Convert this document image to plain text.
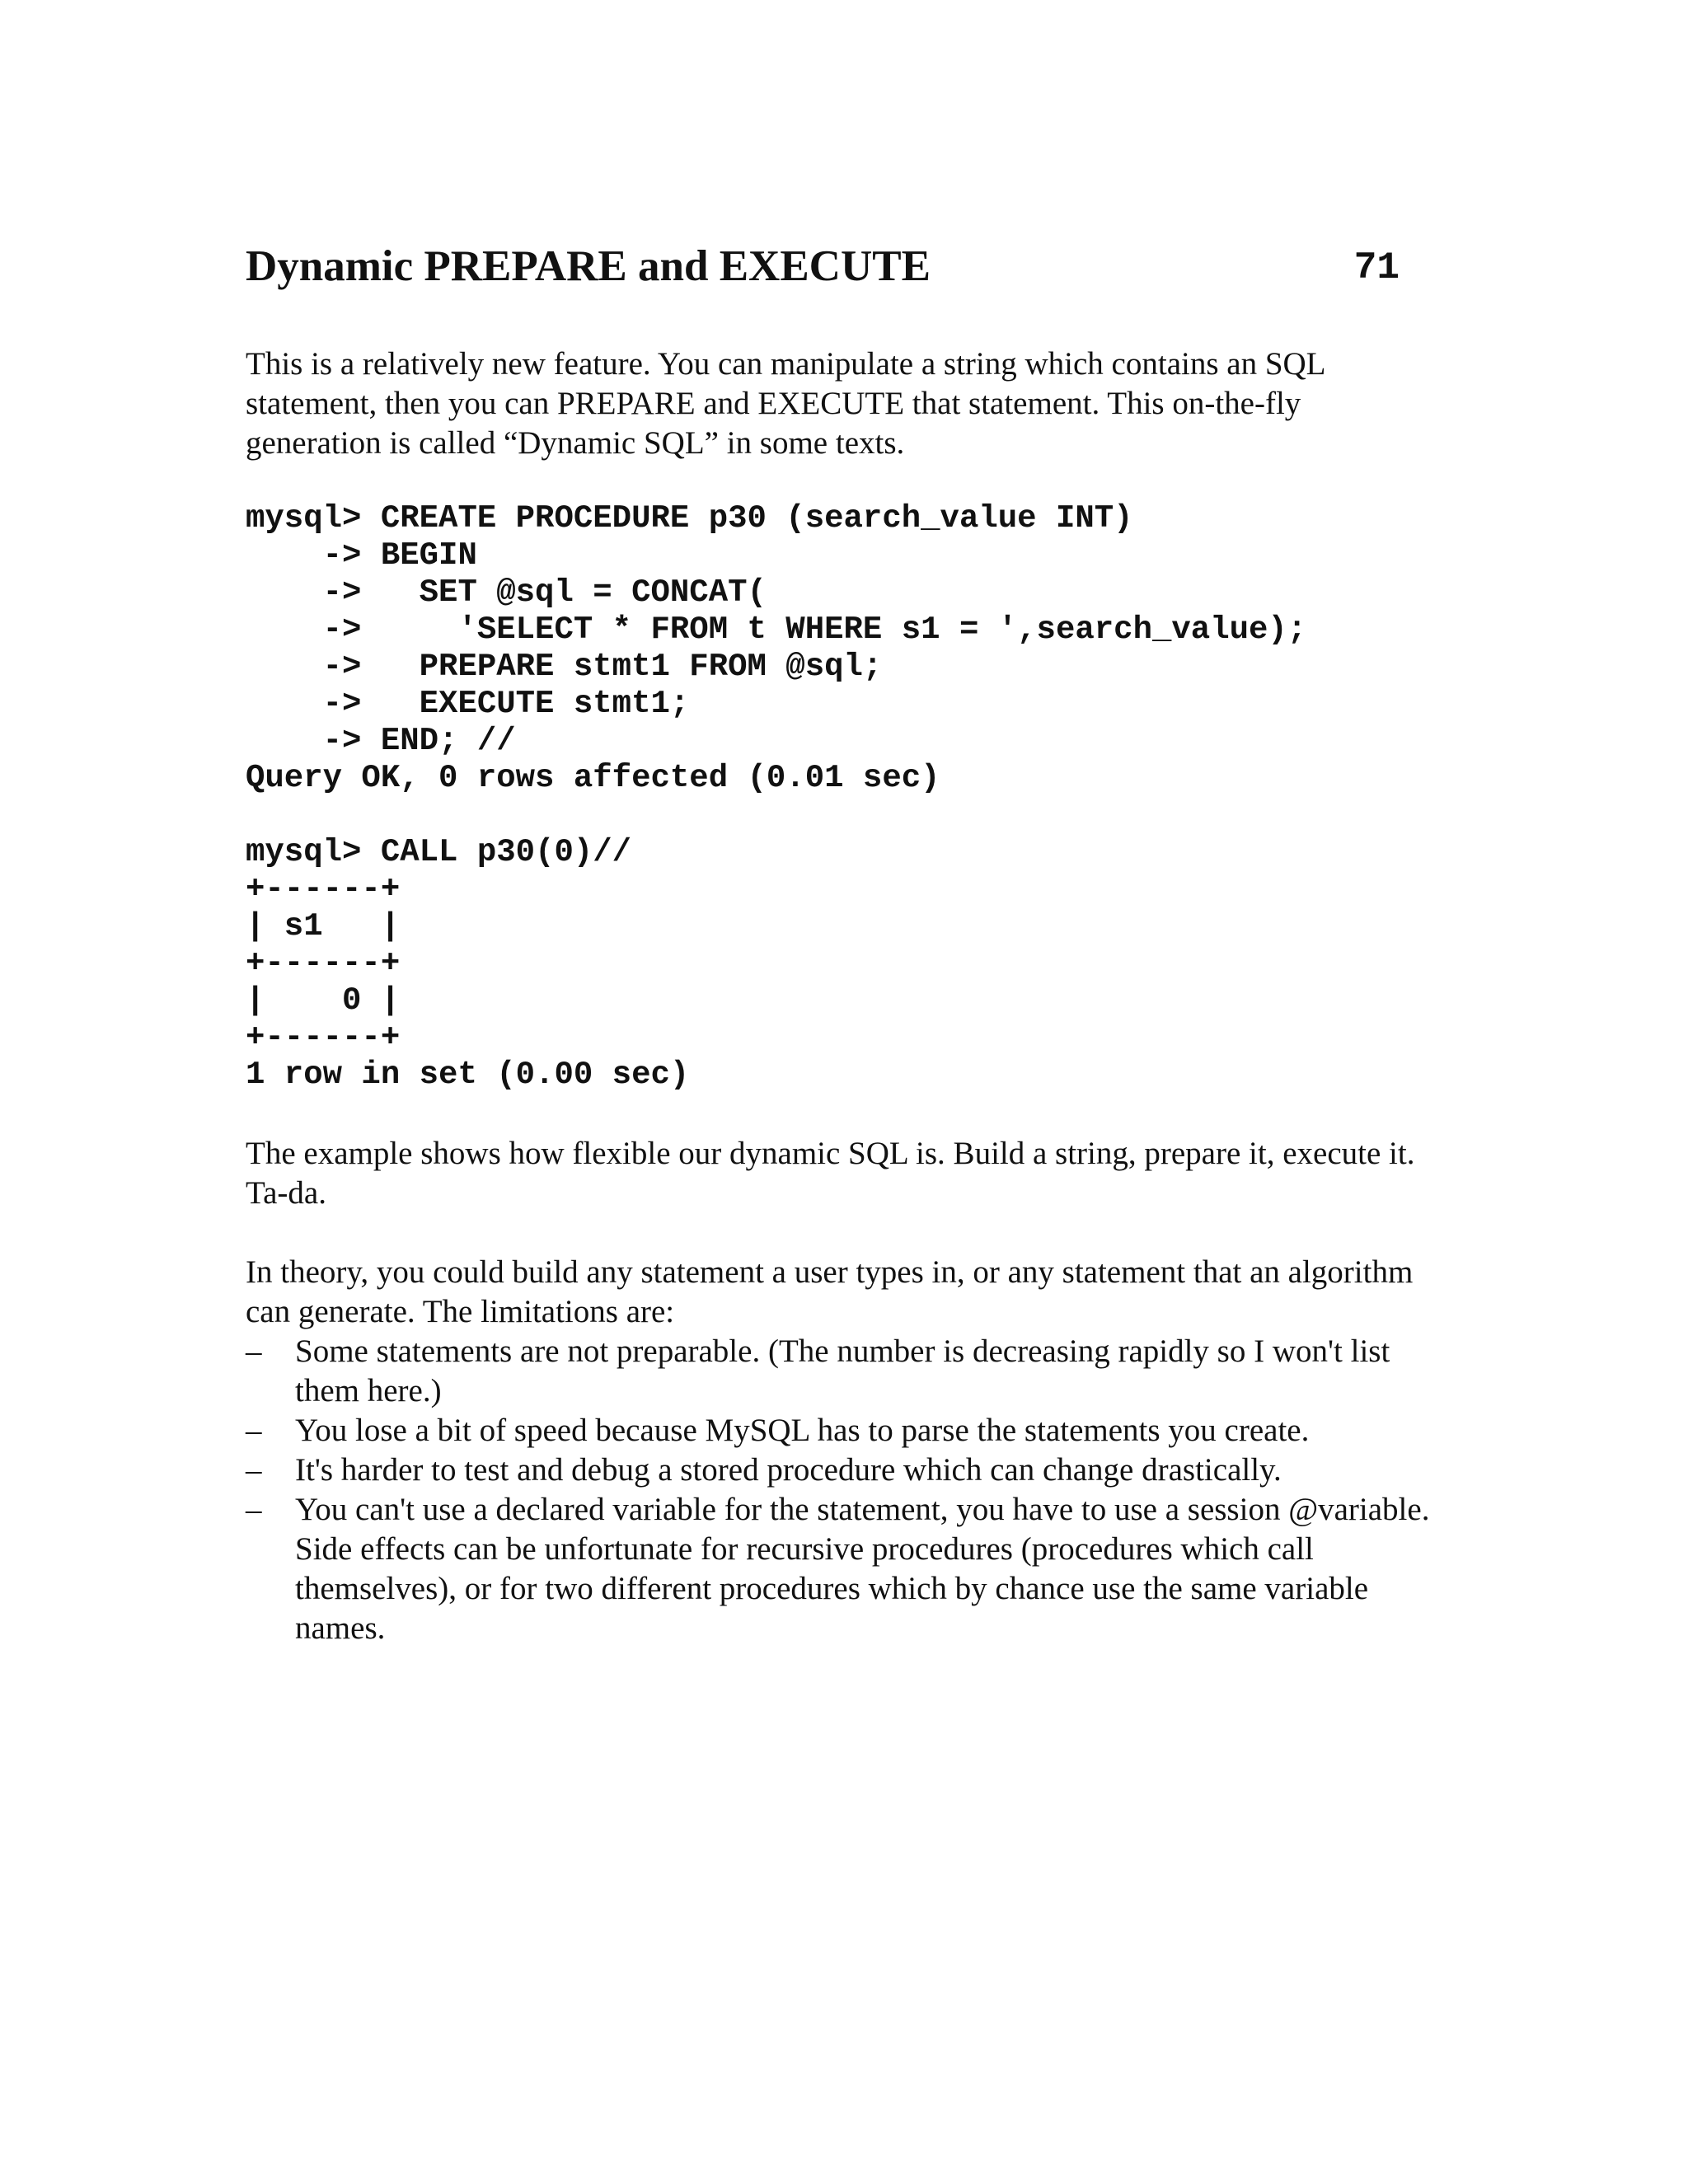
Dynamic PREPARE and EXECUTE	71

This is a relatively new feature. You can manipulate a string which contains an SQL statement, then you can PREPARE and EXECUTE that statement. This on-the-fly generation is called “Dynamic SQL” in some texts.

mysql> CREATE PROCEDURE p30 (search_value INT)
-> BEGIN
->   SET @sql = CONCAT(
->     'SELECT * FROM t WHERE s1 = ',search_value);
->   PREPARE stmt1 FROM @sql;
->   EXECUTE stmt1;
-> END; //
Query OK, 0 rows affected (0.01 sec)
mysql> CALL p30(0)//
+------+
| s1   |
+------+
|    0 |
+------+
1 row in set (0.00 sec)

The example shows how flexible our dynamic SQL is. Build a string, prepare it, execute it. Ta-da.

In theory, you could build any statement a user types in, or any statement that an algorithm can generate. The limitations are:

– Some statements are not preparable. (The number is decreasing rapidly so I won't list them here.)
– You lose a bit of speed because MySQL has to parse the statements you create.
– It's harder to test and debug a stored procedure which can change drastically.
– You can't use a declared variable for the statement, you have to use a session @variable. Side effects can be unfortunate for recursive procedures (procedures which call themselves), or for two different procedures which by chance use the same variable names.
